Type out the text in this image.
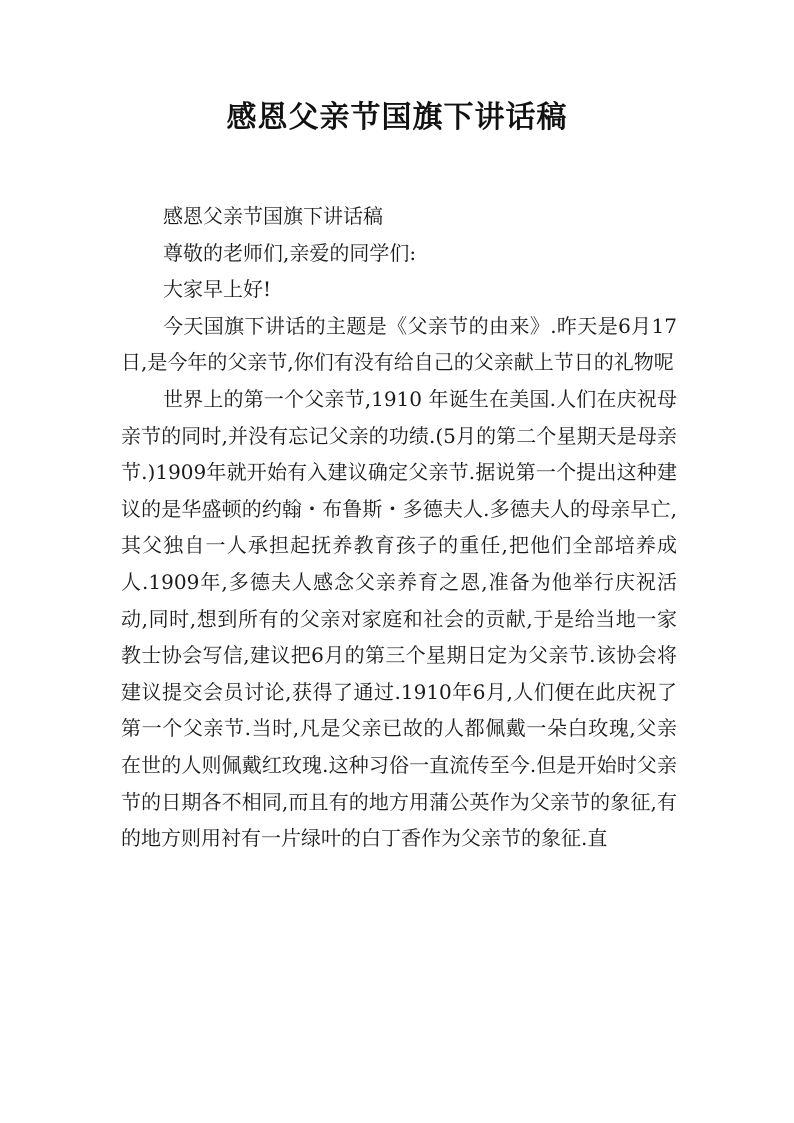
感恩父亲节国旗下讲话稿

感恩父亲节国旗下讲话稿

尊敬的老师们,亲爱的同学们:

大家早上好!

今天国旗下讲话的主题是《父亲节的由来》.昨天是6月17日,是今年的父亲节,你们有没有给自己的父亲献上节日的礼物呢

世界上的第一个父亲节,1910 年诞生在美国.人们在庆祝母亲节的同时,并没有忘记父亲的功绩.(5月的第二个星期天是母亲节.)1909年就开始有入建议确定父亲节.据说第一个提出这种建议的是华盛顿的约翰・布鲁斯・多德夫人.多德夫人的母亲早亡,其父独自一人承担起抚养教育孩子的重任,把他们全部培养成人.1909年,多德夫人感念父亲养育之恩,准备为他举行庆祝活动,同时,想到所有的父亲对家庭和社会的贡献,于是给当地一家教士协会写信,建议把6月的第三个星期日定为父亲节.该协会将建议提交会员讨论,获得了通过.1910年6月,人们便在此庆祝了第一个父亲节.当时,凡是父亲已故的人都佩戴一朵白玫瑰,父亲在世的人则佩戴红玫瑰.这种习俗一直流传至今.但是开始时父亲节的日期各不相同,而且有的地方用蒲公英作为父亲节的象征,有的地方则用衬有一片绿叶的白丁香作为父亲节的象征.直
